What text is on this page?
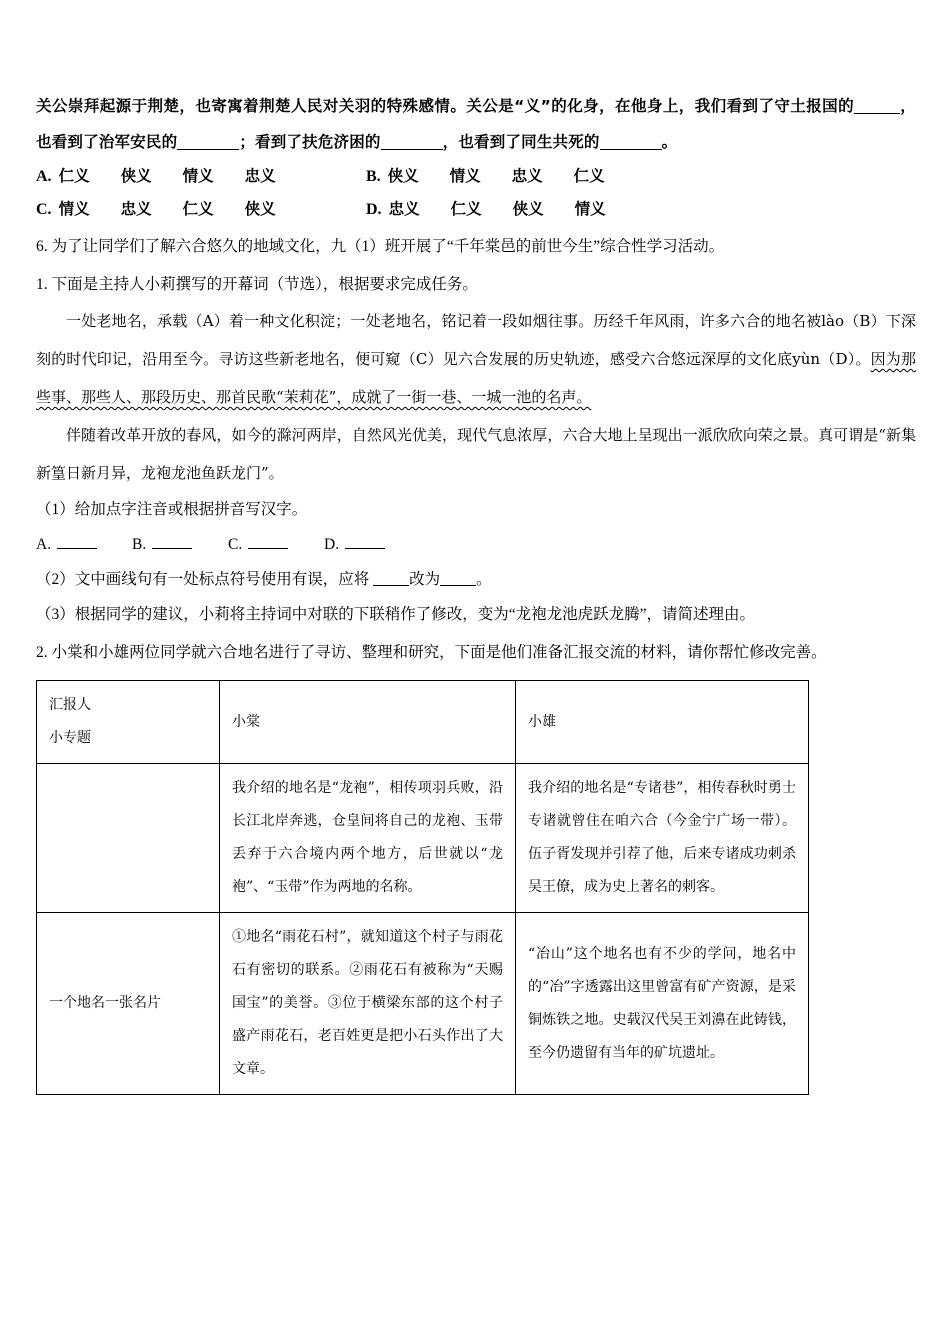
关公崇拜起源于荆楚，也寄寓着荆楚人民对关羽的特殊感情。关公是“义”的化身，在他身上，我们看到了守土报国的	，也看到了治军安民的	；看到了扶危济困的	，也看到了同生共死的	。
A. 仁义	侠义	情义	忠义	B. 侠义	情义	忠义	仁义
C. 情义	忠义	仁义	侠义	D. 忠义	仁义	侠义	情义
6. 为了让同学们了解六合悠久的地域文化，九（1）班开展了“千年棠邑的前世今生”综合性学习活动。
1. 下面是主持人小莉撰写的开幕词（节选），根据要求完成任务。

一处老地名，承载（A）着一种文化积淀；一处老地名，铭记着一段如烟往事。历经千年风雨，许多六合的地名被lào（B）下深刻的时代印记，沿用至今。寻访这些新老地名，便可窥（C）见六合发展的历史轨迹，感受六合悠远深厚的文化底yùn（D）。因为那些事、那些人、那段历史、那首民歌“茉莉花”，成就了一街一巷、一城一池的名声。

伴随着改革开放的春风，如今的滁河两岸，自然风光优美，现代气息浓厚，六合大地上呈现出一派欣欣向荣之景。真可谓是“新集新篁日新月异，龙袍龙池鱼跃龙门”。

（1）给加点字注音或根据拼音写汉字。
A.	B.	C.	D.
（2）文中画线句有一处标点符号使用有误，应将	改为 。
（3）根据同学的建议，小莉将主持词中对联的下联稍作了修改，变为“龙袍龙池虎跃龙腾”，请简述理由。
2. 小棠和小雄两位同学就六合地名进行了寻访、整理和研究，下面是他们准备汇报交流的材料，请你帮忙修改完善。
汇报人
小专题	小棠	小雄
	我介绍的地名是“龙袍”，相传项羽兵败，沿长江北岸奔逃，仓皇间将自己的龙袍、玉带丢弃于六合境内两个地方，后世就以“龙袍”、“玉带”作为两地的名称。	我介绍的地名是“专诸巷”，相传春秋时勇士专诸就曾住在咱六合（今金宁广场一带）。伍子胥发现并引荐了他，后来专诸成功刺杀吴王僚，成为史上著名的刺客。
一个地名一张名片	①地名“雨花石村”，就知道这个村子与雨花石有密切的联系。②雨花石有被称为“天赐国宝”的美誉。③位于横梁东部的这个村子盛产雨花石，老百姓更是把小石头作出了大文章。	“冶山”这个地名也有不少的学问，地名中的“冶”字透露出这里曾富有矿产资源，是采铜炼铁之地。史载汉代吴王刘濞在此铸钱，至今仍遗留有当年的矿坑遗址。
